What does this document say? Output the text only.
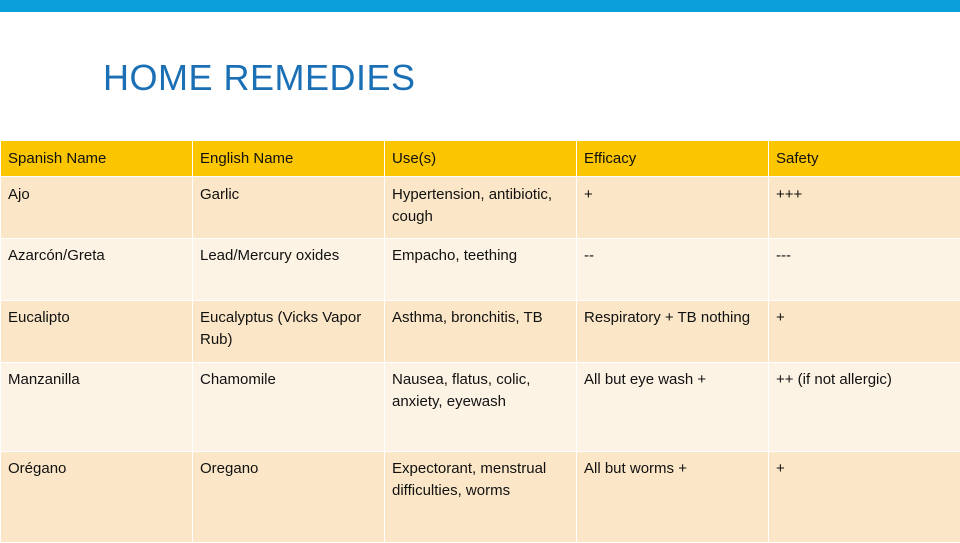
HOME REMEDIES
Spanish Name	English Name	Use(s)	Efficacy	Safety
Ajo	Garlic	Hypertension, antibiotic, cough	+	+++
Azarcón/Greta	Lead/Mercury oxides	Empacho, teething	--	---
Eucalipto	Eucalyptus (Vicks Vapor Rub)	Asthma, bronchitis, TB	Respiratory + TB nothing	+
Manzanilla	Chamomile	Nausea, flatus, colic, anxiety, eyewash	All but eye wash +	++ (if not allergic)
Orégano	Oregano	Expectorant, menstrual difficulties, worms	All but worms +	+
